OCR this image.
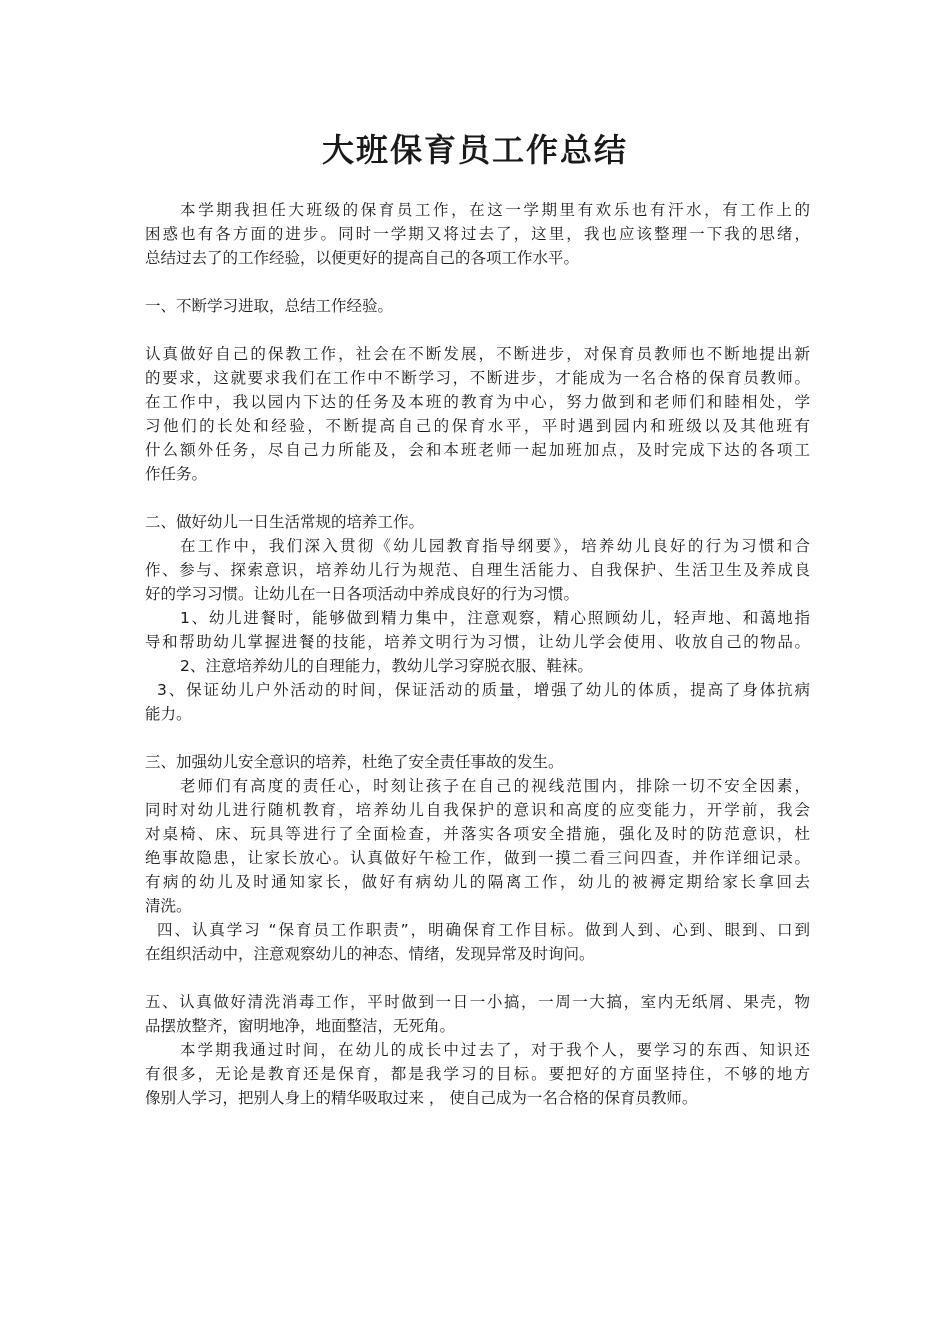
大班保育员工作总结
本学期我担任大班级的保育员工作，在这一学期里有欢乐也有汗水，有工作上的
困惑也有各方面的进步。同时一学期又将过去了，这里，我也应该整理一下我的思绪，
总结过去了的工作经验，以便更好的提高自己的各项工作水平。
一、不断学习进取，总结工作经验。
认真做好自己的保教工作，社会在不断发展，不断进步，对保育员教师也不断地提出新
的要求，这就要求我们在工作中不断学习，不断进步，才能成为一名合格的保育员教师。
在工作中，我以园内下达的任务及本班的教育为中心，努力做到和老师们和睦相处，学
习他们的长处和经验，不断提高自己的保育水平，平时遇到园内和班级以及其他班有
什么额外任务，尽自己力所能及，会和本班老师一起加班加点，及时完成下达的各项工
作任务。
二、做好幼儿一日生活常规的培养工作。
在工作中，我们深入贯彻《幼儿园教育指导纲要》，培养幼儿良好的行为习惯和合
作、参与、探索意识，培养幼儿行为规范、自理生活能力、自我保护、生活卫生及养成良
好的学习习惯。让幼儿在一日各项活动中养成良好的行为习惯。
1、幼儿进餐时，能够做到精力集中，注意观察，精心照顾幼儿，轻声地、和蔼地指
导和帮助幼儿掌握进餐的技能，培养文明行为习惯，让幼儿学会使用、收放自己的物品。
2、注意培养幼儿的自理能力，教幼儿学习穿脱衣服、鞋袜。
3、保证幼儿户外活动的时间，保证活动的质量，增强了幼儿的体质，提高了身体抗病
能力。
三、加强幼儿安全意识的培养，杜绝了安全责任事故的发生。
老师们有高度的责任心，时刻让孩子在自己的视线范围内，排除一切不安全因素，
同时对幼儿进行随机教育，培养幼儿自我保护的意识和高度的应变能力，开学前，我会
对桌椅、床、玩具等进行了全面检查，并落实各项安全措施，强化及时的防范意识，杜
绝事故隐患，让家长放心。认真做好午检工作，做到一摸二看三问四查，并作详细记录。
有病的幼儿及时通知家长，做好有病幼儿的隔离工作，幼儿的被褥定期给家长拿回去
清洗。
四、认真学习 “保育员工作职责”，明确保育工作目标。做到人到、心到、眼到、口到
在组织活动中，注意观察幼儿的神态、情绪，发现异常及时询问。
五、认真做好清洗消毒工作，平时做到一日一小搞，一周一大搞，室内无纸屑、果壳，物
品摆放整齐，窗明地净，地面整洁，无死角。
本学期我通过时间，在幼儿的成长中过去了，对于我个人，要学习的东西、知识还
有很多，无论是教育还是保育，都是我学习的目标。要把好的方面坚持住，不够的地方
像别人学习，把别人身上的精华吸取过来 ， 使自己成为一名合格的保育员教师。
